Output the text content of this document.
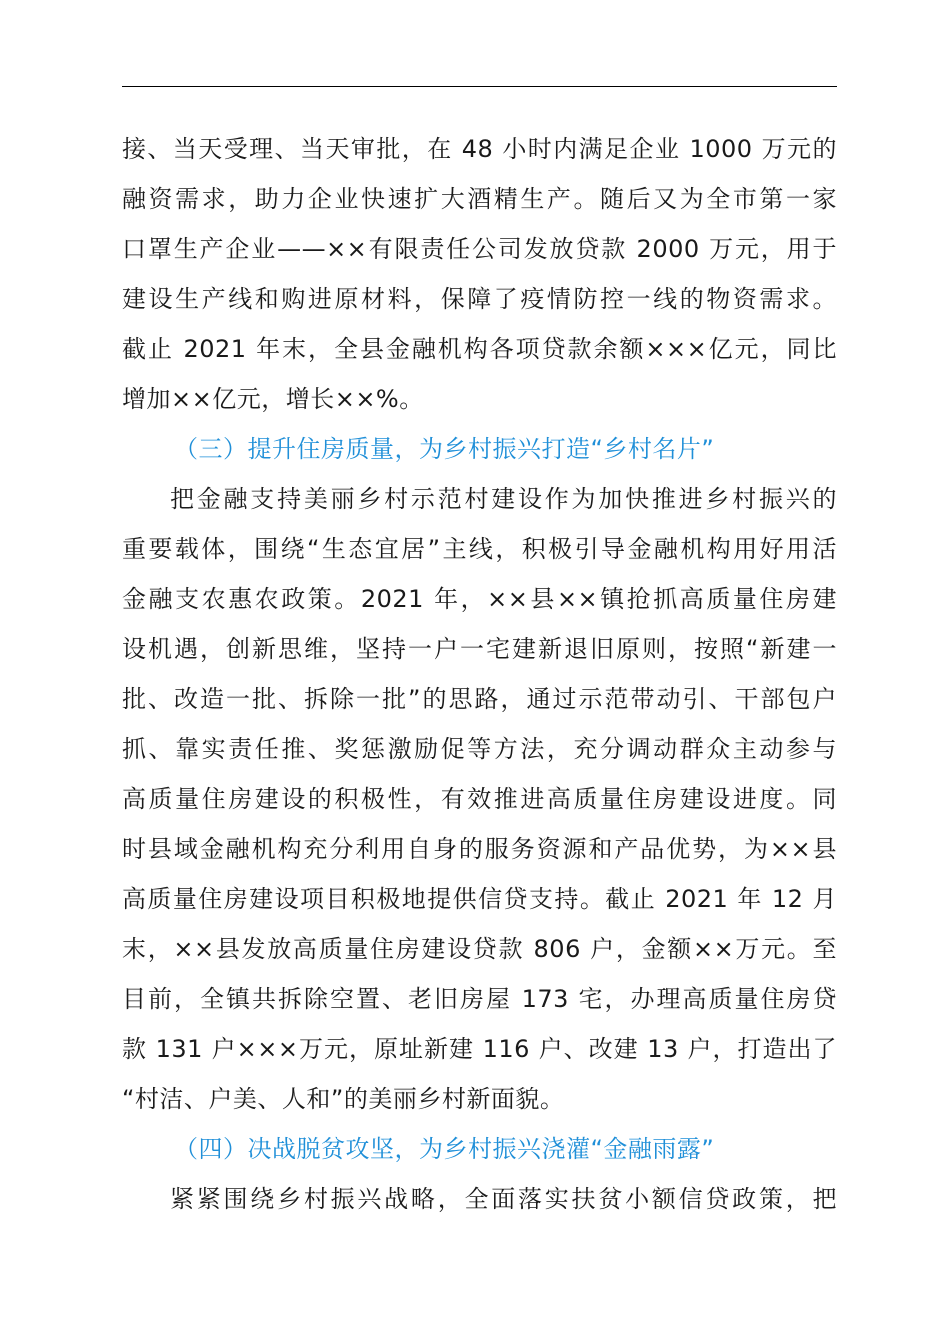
接、当天受理、当天审批，在 48 小时内满足企业 1000 万元的
融资需求，助力企业快速扩大酒精生产。随后又为全市第一家
口罩生产企业——××有限责任公司发放贷款 2000 万元，用于
建设生产线和购进原材料，保障了疫情防控一线的物资需求。
截止 2021 年末，全县金融机构各项贷款余额×××亿元，同比
增加××亿元，增长××%。
（三）提升住房质量，为乡村振兴打造“乡村名片”
把金融支持美丽乡村示范村建设作为加快推进乡村振兴的
重要载体，围绕“生态宜居”主线，积极引导金融机构用好用活
金融支农惠农政策。2021 年，××县××镇抢抓高质量住房建
设机遇，创新思维，坚持一户一宅建新退旧原则，按照“新建一
批、改造一批、拆除一批”的思路，通过示范带动引、干部包户
抓、靠实责任推、奖惩激励促等方法，充分调动群众主动参与
高质量住房建设的积极性，有效推进高质量住房建设进度。同
时县域金融机构充分利用自身的服务资源和产品优势，为××县
高质量住房建设项目积极地提供信贷支持。截止 2021 年 12 月
末，××县发放高质量住房建设贷款 806 户，金额××万元。至
目前，全镇共拆除空置、老旧房屋 173 宅，办理高质量住房贷
款 131 户×××万元，原址新建 116 户、改建 13 户，打造出了
“村洁、户美、人和”的美丽乡村新面貌。
（四）决战脱贫攻坚，为乡村振兴浇灌“金融雨露”
紧紧围绕乡村振兴战略，全面落实扶贫小额信贷政策，把
